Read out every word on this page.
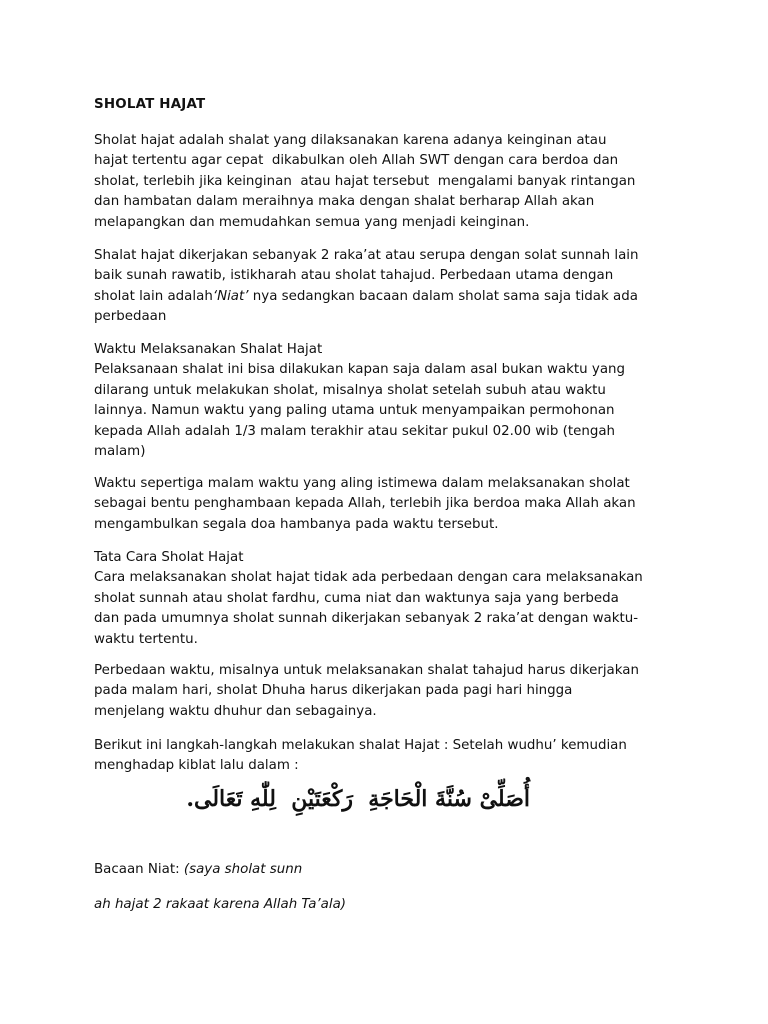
SHOLAT HAJAT

Sholat hajat adalah shalat yang dilaksanakan karena adanya keinginan atau
hajat tertentu agar cepat  dikabulkan oleh Allah SWT dengan cara berdoa dan
sholat, terlebih jika keinginan  atau hajat tersebut  mengalami banyak rintangan
dan hambatan dalam meraihnya maka dengan shalat berharap Allah akan
melapangkan dan memudahkan semua yang menjadi keinginan.

Shalat hajat dikerjakan sebanyak 2 raka’at atau serupa dengan solat sunnah lain
baik sunah rawatib, istikharah atau sholat tahajud. Perbedaan utama dengan
sholat lain adalah‘Niat’ nya sedangkan bacaan dalam sholat sama saja tidak ada
perbedaan

Waktu Melaksanakan Shalat Hajat
Pelaksanaan shalat ini bisa dilakukan kapan saja dalam asal bukan waktu yang
dilarang untuk melakukan sholat, misalnya sholat setelah subuh atau waktu
lainnya. Namun waktu yang paling utama untuk menyampaikan permohonan
kepada Allah adalah 1/3 malam terakhir atau sekitar pukul 02.00 wib (tengah
malam)

Waktu sepertiga malam waktu yang aling istimewa dalam melaksanakan sholat
sebagai bentu penghambaan kepada Allah, terlebih jika berdoa maka Allah akan
mengambulkan segala doa hambanya pada waktu tersebut.

Tata Cara Sholat Hajat
Cara melaksanakan sholat hajat tidak ada perbedaan dengan cara melaksanakan
sholat sunnah atau sholat fardhu, cuma niat dan waktunya saja yang berbeda
dan pada umumnya sholat sunnah dikerjakan sebanyak 2 raka’at dengan waktu-
waktu tertentu.

Perbedaan waktu, misalnya untuk melaksanakan shalat tahajud harus dikerjakan
pada malam hari, sholat Dhuha harus dikerjakan pada pagi hari hingga
menjelang waktu dhuhur dan sebagainya.

Berikut ini langkah-langkah melakukan shalat Hajat : Setelah wudhu’ kemudian
menghadap kiblat lalu dalam :

أُصَلِّىْ سُنَّةَ الْحَاجَةِ  رَكْعَتَيْنِ  لِلّٰهِ تَعَالَى.

Bacaan Niat: (saya sholat sunn

ah hajat 2 rakaat karena Allah Ta’ala)
